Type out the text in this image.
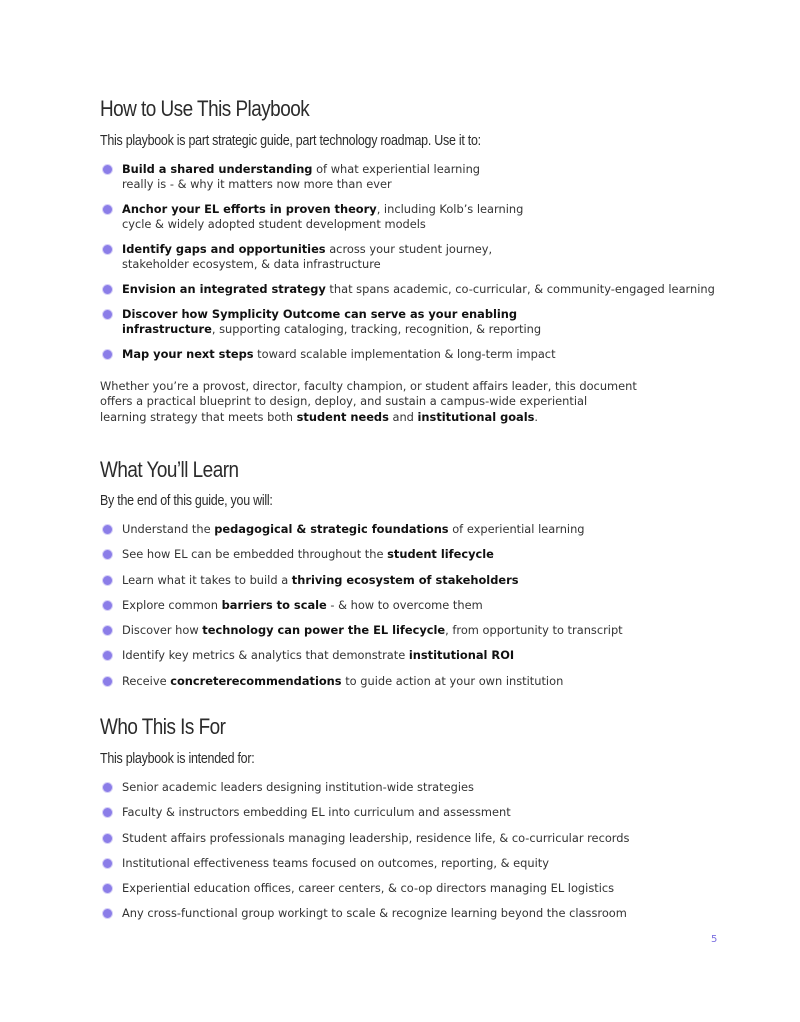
How to Use This Playbook

This playbook is part strategic guide, part technology roadmap. Use it to:

Build a shared understanding of what experiential learning
really is - & why it matters now more than ever
Anchor your EL efforts in proven theory, including Kolb’s learning
cycle & widely adopted student development models
Identify gaps and opportunities across your student journey,
stakeholder ecosystem, & data infrastructure
Envision an integrated strategy that spans academic, co-curricular, & community-engaged learning
Discover how Symplicity Outcome can serve as your enabling
infrastructure, supporting cataloging, tracking, recognition, & reporting
Map your next steps toward scalable implementation & long-term impact

Whether you’re a provost, director, faculty champion, or student affairs leader, this document
offers a practical blueprint to design, deploy, and sustain a campus-wide experiential
learning strategy that meets both student needs and institutional goals.

What You’ll Learn

By the end of this guide, you will:

Understand the pedagogical & strategic foundations of experiential learning
See how EL can be embedded throughout the student lifecycle
Learn what it takes to build a thriving ecosystem of stakeholders
Explore common barriers to scale - & how to overcome them
Discover how technology can power the EL lifecycle, from opportunity to transcript
Identify key metrics & analytics that demonstrate institutional ROI
Receive concreterecommendations to guide action at your own institution
Who This Is For

This playbook is intended for:

Senior academic leaders designing institution-wide strategies
Faculty & instructors embedding EL into curriculum and assessment
Student affairs professionals managing leadership, residence life, & co-curricular records
Institutional effectiveness teams focused on outcomes, reporting, & equity
Experiential education offices, career centers, & co-op directors managing EL logistics
Any cross-functional group workingt to scale & recognize learning beyond the classroom
5
